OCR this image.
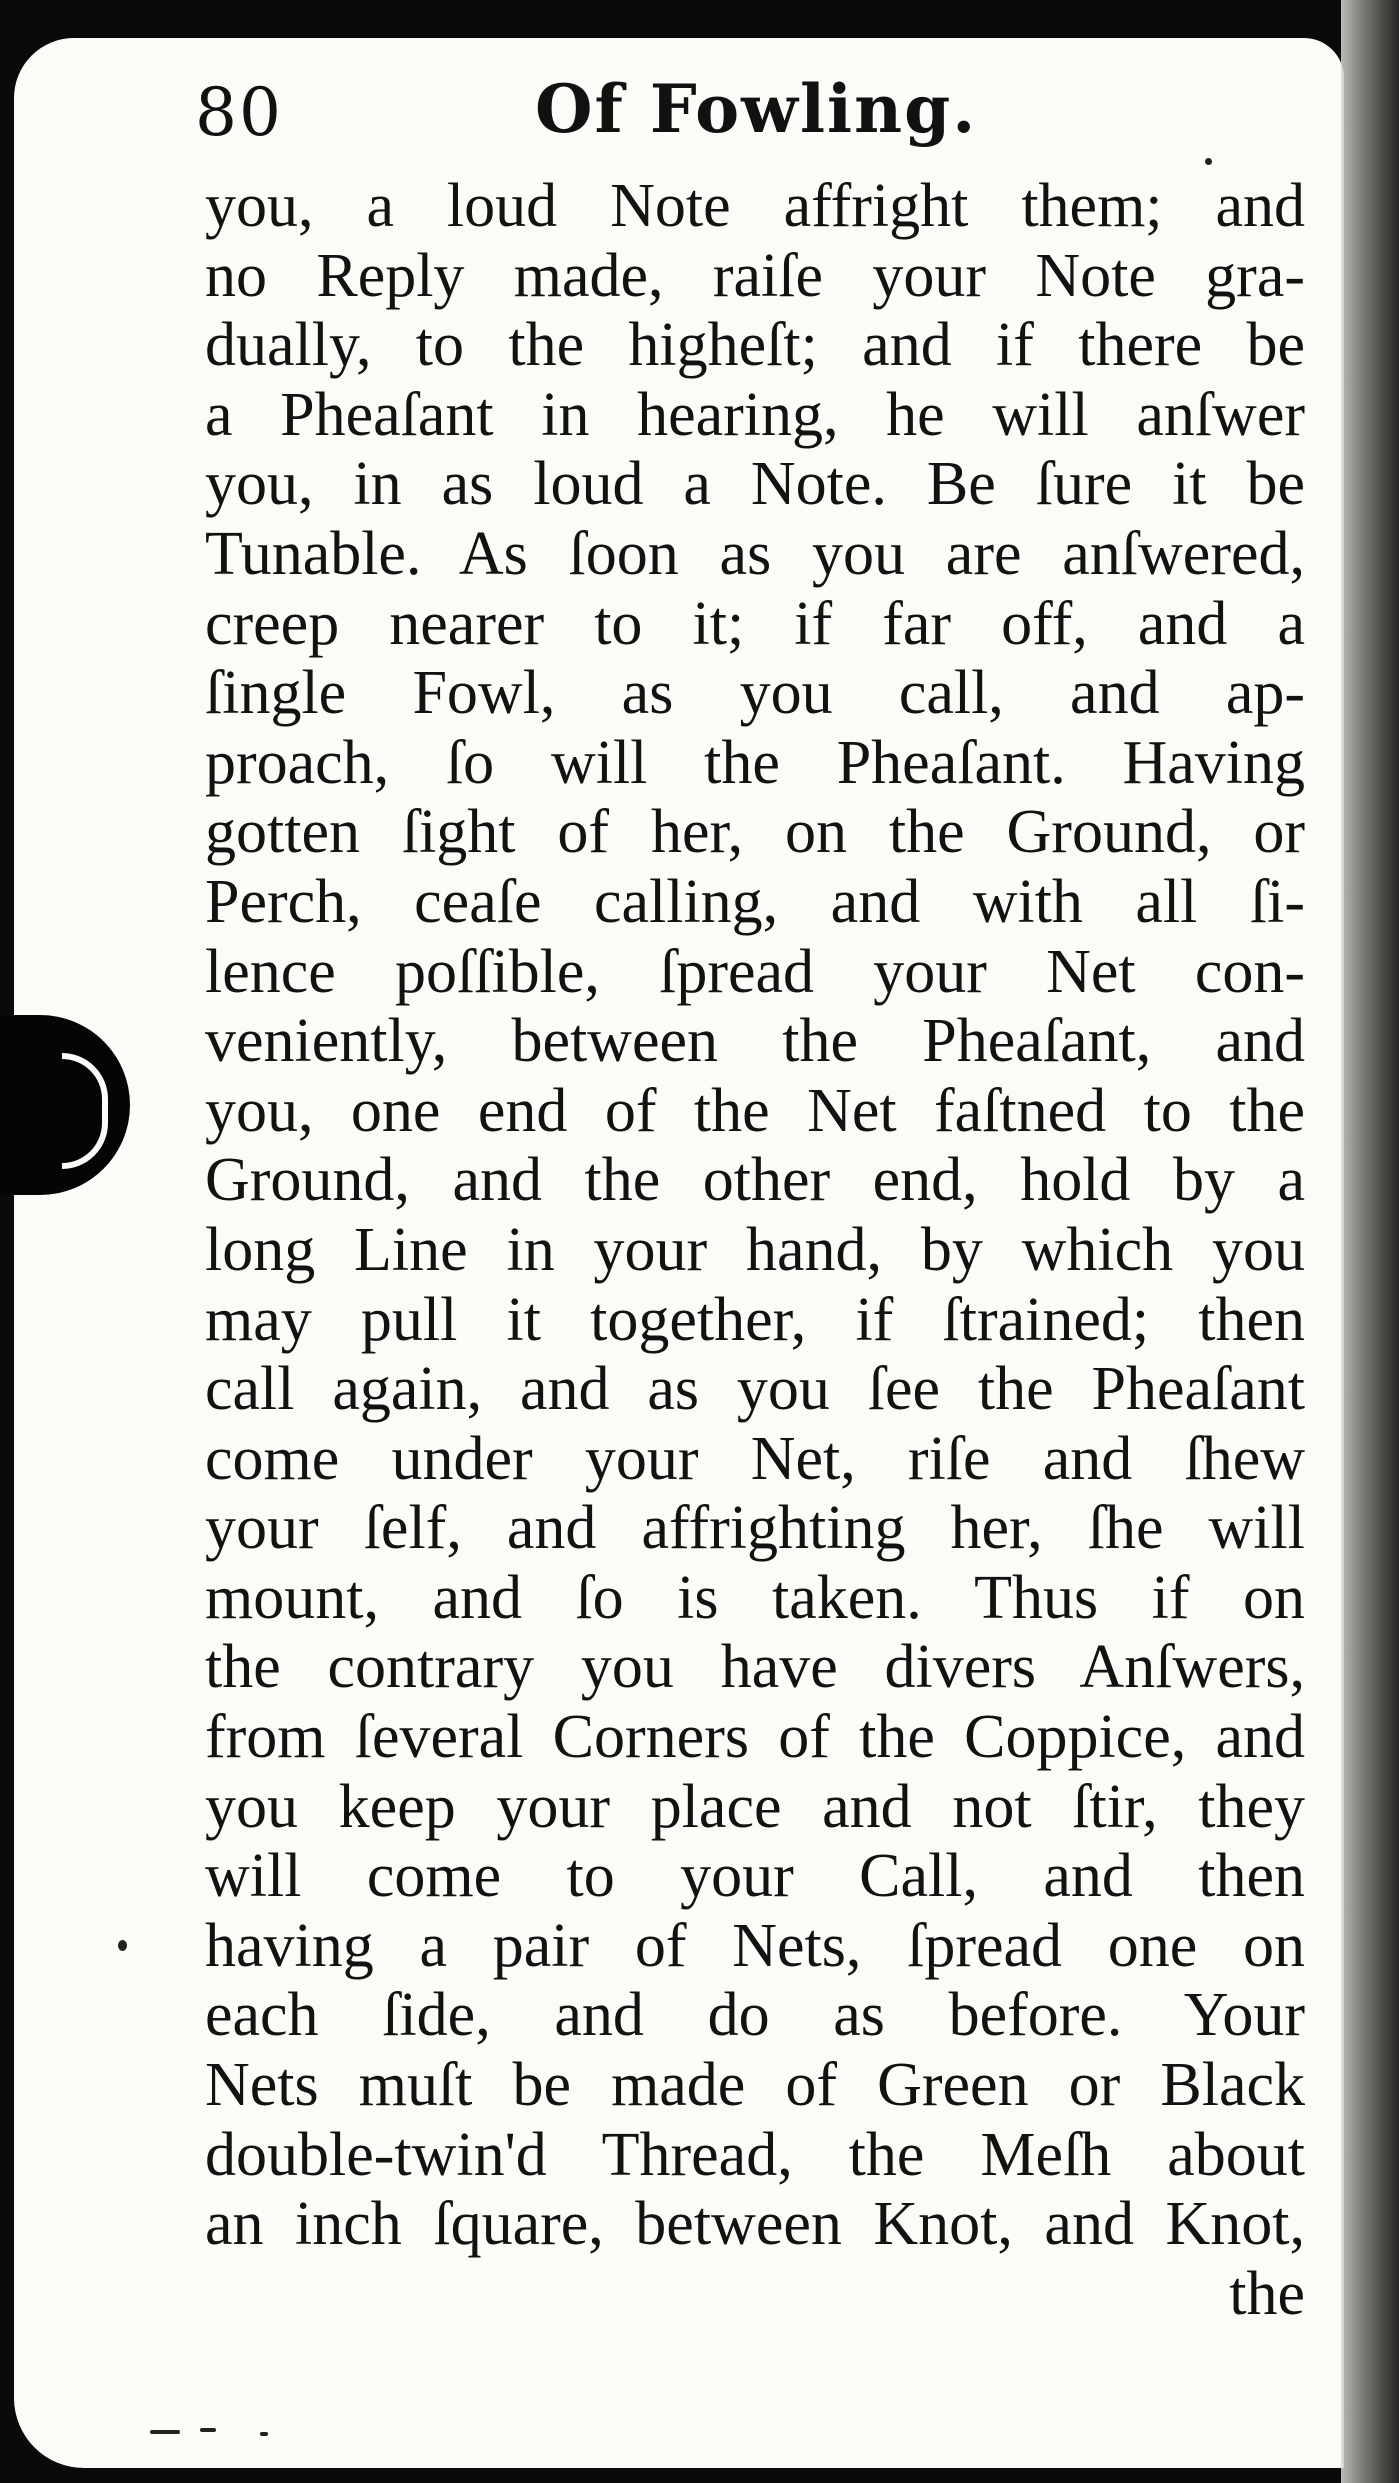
80	Of Fowling.
you, a loud Note affright them; and
no Reply made, raiſe your Note gra-
dually, to the higheſt; and if there be
a Pheaſant in hearing, he will anſwer
you, in as loud a Note. Be ſure it be
Tunable. As ſoon as you are anſwered,
creep nearer to it; if far off, and a
ſingle Fowl, as you call, and ap-
proach, ſo will the Pheaſant. Having
gotten ſight of her, on the Ground, or
Perch, ceaſe calling, and with all ſi-
lence poſſible, ſpread your Net con-
veniently, between the Pheaſant, and
you, one end of the Net faſtned to the
Ground, and the other end, hold by a
long Line in your hand, by which you
may pull it together, if ſtrained; then
call again, and as you ſee the Pheaſant
come under your Net, riſe and ſhew
your ſelf, and affrighting her, ſhe will
mount, and ſo is taken. Thus if on
the contrary you have divers Anſwers,
from ſeveral Corners of the Coppice, and
you keep your place and not ſtir, they
will come to your Call, and then
having a pair of Nets, ſpread one on
each ſide, and do as before. Your
Nets muſt be made of Green or Black
double-twin'd Thread, the Meſh about
an inch ſquare, between Knot, and Knot,
the
